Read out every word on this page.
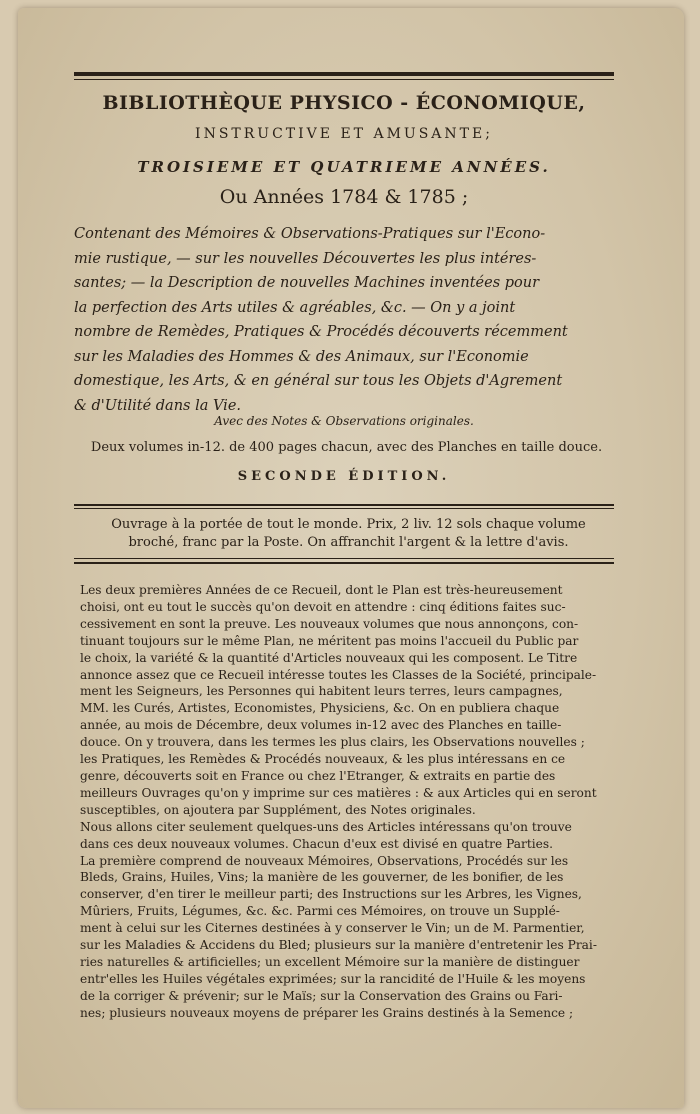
BIBLIOTHÈQUE PHYSICO - ÉCONOMIQUE,
INSTRUCTIVE ET AMUSANTE;
TROISIEME ET QUATRIEME ANNÉES.
Ou Années 1784 & 1785 ;
Contenant des Mémoires & Observations-Pratiques sur l'Econo-
mie rustique, — sur les nouvelles Découvertes les plus intéres-
santes; — la Description de nouvelles Machines inventées pour
la perfection des Arts utiles & agréables, &c. — On y a joint
nombre de Remèdes, Pratiques & Procédés découverts récemment
sur les Maladies des Hommes & des Animaux, sur l'Economie
domestique, les Arts, & en général sur tous les Objets d'Agrement
& d'Utilité dans la Vie.
Avec des Notes & Observations originales.
Deux volumes in-12. de 400 pages chacun, avec des Planches en taille douce.
SECONDE ÉDITION.
Ouvrage à la portée de tout le monde. Prix, 2 liv. 12 sols chaque volume
broché, franc par la Poste. On affranchit l'argent & la lettre d'avis.
Les deux premières Années de ce Recueil, dont le Plan est très-heureusement
choisi, ont eu tout le succès qu'on devoit en attendre : cinq éditions faites suc-
cessivement en sont la preuve. Les nouveaux volumes que nous annonçons, con-
tinuant toujours sur le même Plan, ne méritent pas moins l'accueil du Public par
le choix, la variété & la quantité d'Articles nouveaux qui les composent. Le Titre
annonce assez que ce Recueil intéresse toutes les Classes de la Société, principale-
ment les Seigneurs, les Personnes qui habitent leurs terres, leurs campagnes,
MM. les Curés, Artistes, Economistes, Physiciens, &c. On en publiera chaque
année, au mois de Décembre, deux volumes in-12 avec des Planches en taille-
douce. On y trouvera, dans les termes les plus clairs, les Observations nouvelles ;
les Pratiques, les Remèdes & Procédés nouveaux, & les plus intéressans en ce
genre, découverts soit en France ou chez l'Etranger, & extraits en partie des
meilleurs Ouvrages qu'on y imprime sur ces matières : & aux Articles qui en seront
susceptibles, on ajoutera par Supplément, des Notes originales.
Nous allons citer seulement quelques-uns des Articles intéressans qu'on trouve
dans ces deux nouveaux volumes. Chacun d'eux est divisé en quatre Parties.
La première comprend de nouveaux Mémoires, Observations, Procédés sur les
Bleds, Grains, Huiles, Vins; la manière de les gouverner, de les bonifier, de les
conserver, d'en tirer le meilleur parti; des Instructions sur les Arbres, les Vignes,
Mûriers, Fruits, Légumes, &c. &c. Parmi ces Mémoires, on trouve un Supplé-
ment à celui sur les Citernes destinées à y conserver le Vin; un de M. Parmentier,
sur les Maladies & Accidens du Bled; plusieurs sur la manière d'entretenir les Prai-
ries naturelles & artificielles; un excellent Mémoire sur la manière de distinguer
entr'elles les Huiles végétales exprimées; sur la rancidité de l'Huile & les moyens
de la corriger & prévenir; sur le Maïs; sur la Conservation des Grains ou Fari-
nes; plusieurs nouveaux moyens de préparer les Grains destinés à la Semence ;
